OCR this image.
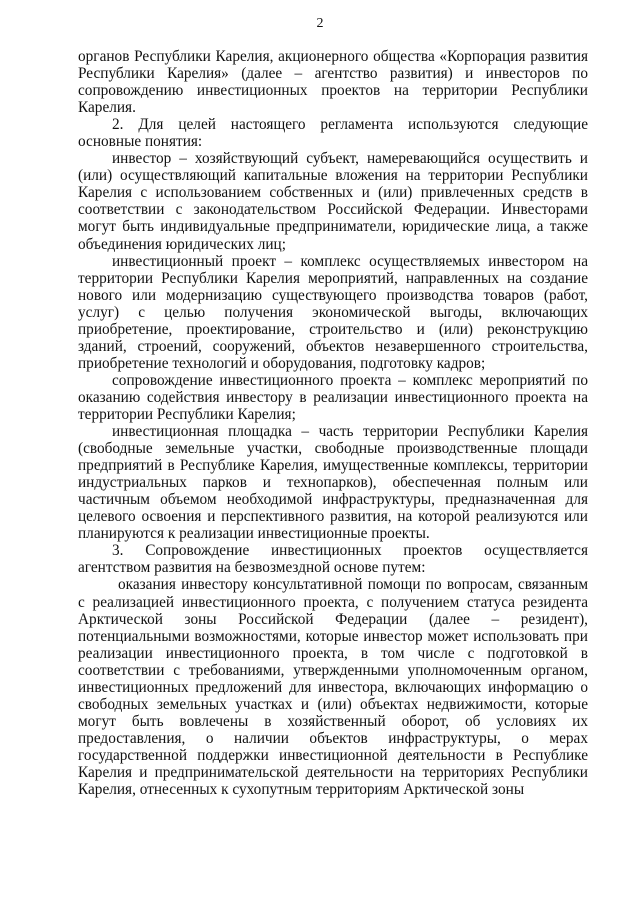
2

органов Республики Карелия, акционерного общества «Корпорация развития Республики Карелия» (далее – агентство развития) и инвесторов по сопровождению инвестиционных проектов на территории Республики Карелия.

2. Для целей настоящего регламента используются следующие основные понятия:

инвестор – хозяйствующий субъект, намеревающийся осуществить и (или) осуществляющий капитальные вложения на территории Республики Карелия с использованием собственных и (или) привлеченных средств в соответствии с законодательством Российской Федерации. Инвесторами могут быть индивидуальные предприниматели, юридические лица, а также объединения юридических лиц;

инвестиционный проект – комплекс осуществляемых инвестором на территории Республики Карелия мероприятий, направленных на создание нового или модернизацию существующего производства товаров (работ, услуг) с целью получения экономической выгоды, включающих приобретение, проектирование, строительство и (или) реконструкцию зданий, строений, сооружений, объектов незавершенного строительства, приобретение технологий и оборудования, подготовку кадров;

сопровождение инвестиционного проекта – комплекс мероприятий по оказанию содействия инвестору в реализации инвестиционного проекта на территории Республики Карелия;

инвестиционная площадка – часть территории Республики Карелия (свободные земельные участки, свободные производственные площади предприятий в Республике Карелия, имущественные комплексы, территории индустриальных парков и технопарков), обеспеченная полным или частичным объемом необходимой инфраструктуры, предназначенная для целевого освоения и перспективного развития, на которой реализуются или планируются к реализации инвестиционные проекты.

3. Сопровождение инвестиционных проектов осуществляется агентством развития на безвозмездной основе путем:

оказания инвестору консультативной помощи по вопросам, связанным с реализацией инвестиционного проекта, с получением статуса резидента Арктической зоны Российской Федерации (далее – резидент), потенциальными возможностями, которые инвестор может использовать при реализации инвестиционного проекта, в том числе с подготовкой в соответствии с требованиями, утвержденными уполномоченным органом, инвестиционных предложений для инвестора, включающих информацию о свободных земельных участках и (или) объектах недвижимости, которые могут быть вовлечены в хозяйственный оборот, об условиях их предоставления, о наличии объектов инфраструктуры, о мерах государственной поддержки инвестиционной деятельности в Республике Карелия и предпринимательской деятельности на территориях Республики Карелия, отнесенных к сухопутным территориям Арктической зоны
